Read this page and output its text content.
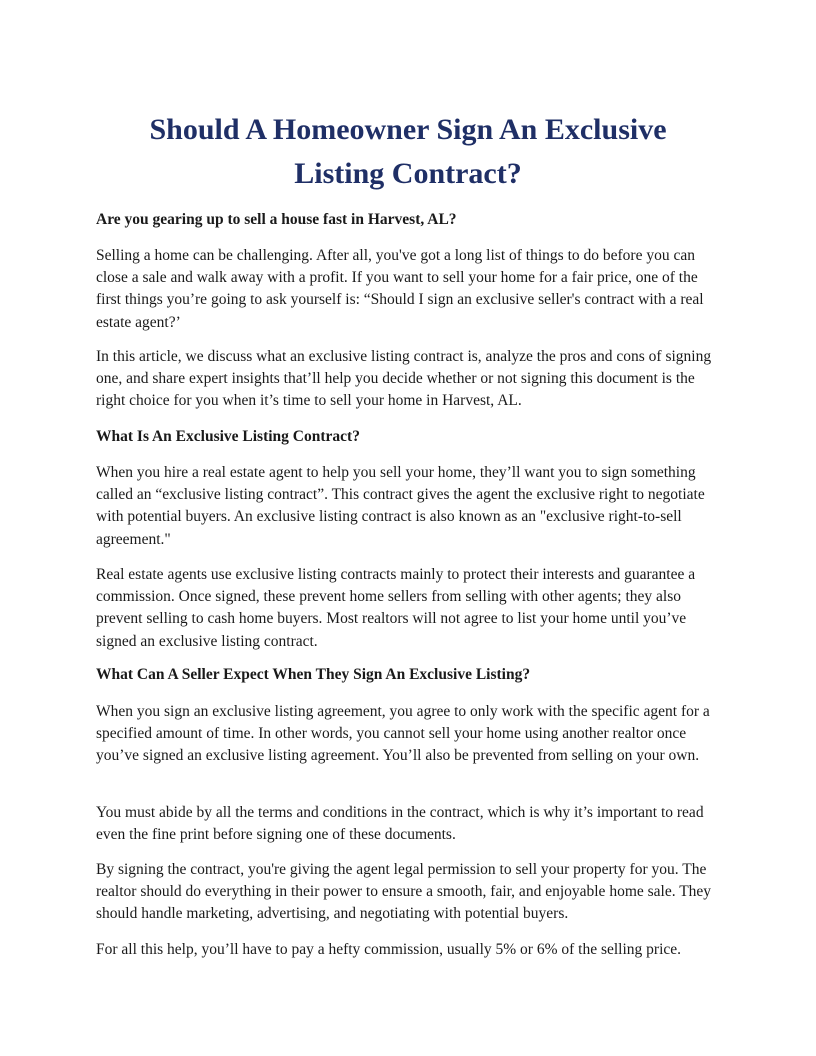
Should A Homeowner Sign An Exclusive
Listing Contract?

Are you gearing up to sell a house fast in Harvest, AL?

Selling a home can be challenging. After all, you've got a long list of things to do before you can close a sale and walk away with a profit. If you want to sell your home for a fair price, one of the first things you’re going to ask yourself is: “Should I sign an exclusive seller's contract with a real estate agent?’

In this article, we discuss what an exclusive listing contract is, analyze the pros and cons of signing one, and share expert insights that’ll help you decide whether or not signing this document is the right choice for you when it’s time to sell your home in Harvest, AL.

What Is An Exclusive Listing Contract?

When you hire a real estate agent to help you sell your home, they’ll want you to sign something called an “exclusive listing contract”. This contract gives the agent the exclusive right to negotiate with potential buyers. An exclusive listing contract is also known as an "exclusive right-to-sell agreement."

Real estate agents use exclusive listing contracts mainly to protect their interests and guarantee a commission. Once signed, these prevent home sellers from selling with other agents; they also prevent selling to cash home buyers. Most realtors will not agree to list your home until you’ve signed an exclusive listing contract.

What Can A Seller Expect When They Sign An Exclusive Listing?

When you sign an exclusive listing agreement, you agree to only work with the specific agent for a specified amount of time. In other words, you cannot sell your home using another realtor once you’ve signed an exclusive listing agreement. You’ll also be prevented from selling on your own.

You must abide by all the terms and conditions in the contract, which is why it’s important to read even the fine print before signing one of these documents.

By signing the contract, you're giving the agent legal permission to sell your property for you. The realtor should do everything in their power to ensure a smooth, fair, and enjoyable home sale. They should handle marketing, advertising, and negotiating with potential buyers.

For all this help, you’ll have to pay a hefty commission, usually 5% or 6% of the selling price.
